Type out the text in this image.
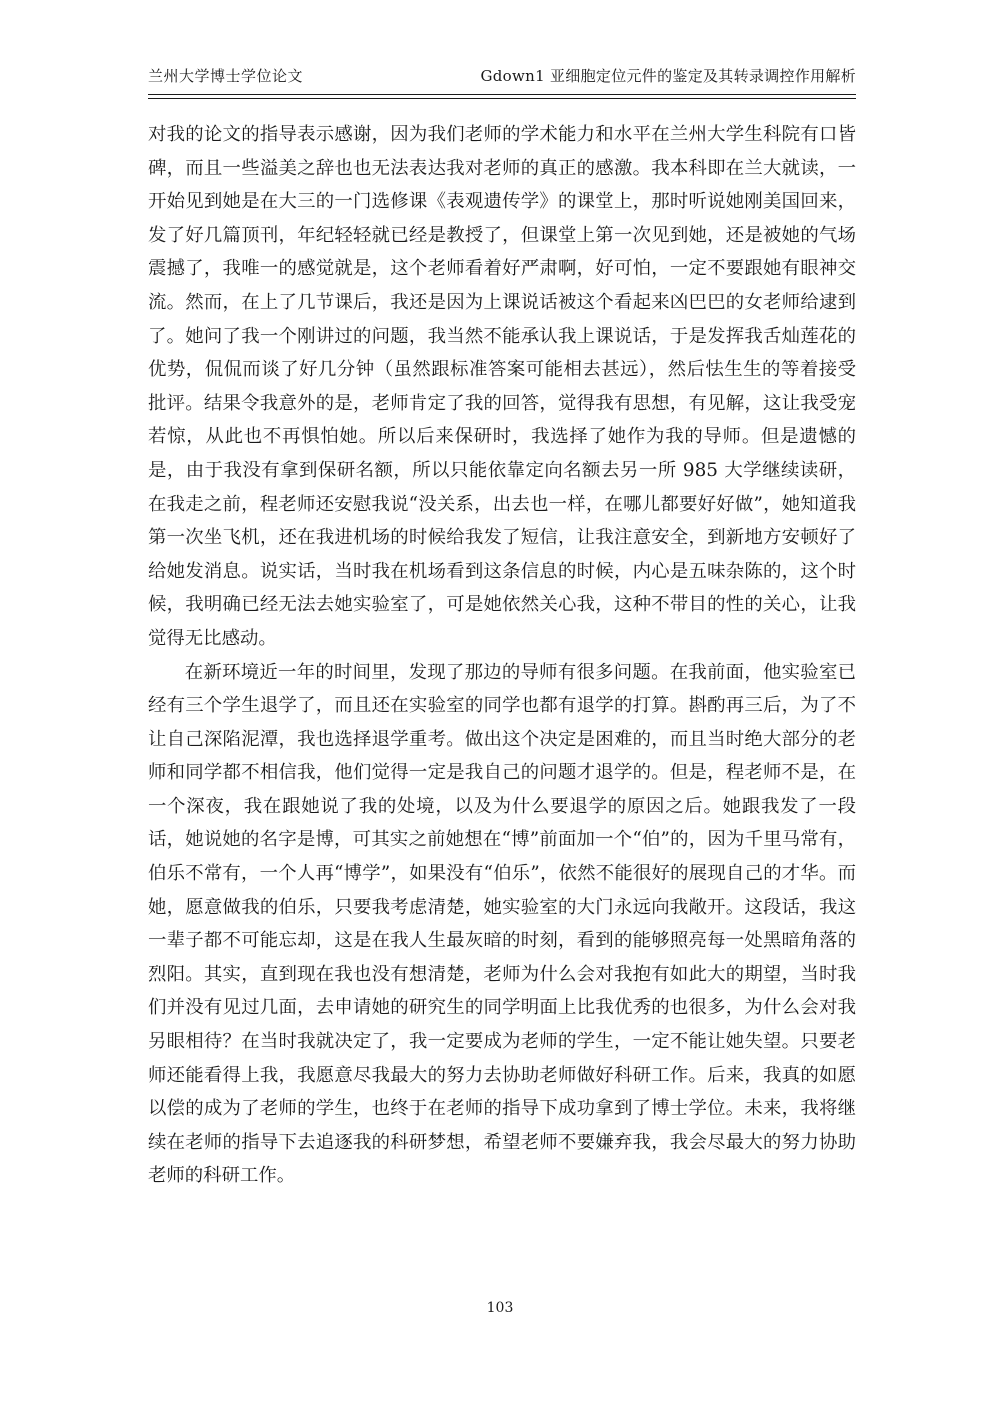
兰州大学博士学位论文	Gdown1 亚细胞定位元件的鉴定及其转录调控作用解析

对我的论文的指导表示感谢，因为我们老师的学术能力和水平在兰州大学生科院有口皆碑，而且一些溢美之辞也也无法表达我对老师的真正的感激。我本科即在兰大就读，一开始见到她是在大三的一门选修课《表观遗传学》的课堂上，那时听说她刚美国回来，发了好几篇顶刊，年纪轻轻就已经是教授了，但课堂上第一次见到她，还是被她的气场震撼了，我唯一的感觉就是，这个老师看着好严肃啊，好可怕，一定不要跟她有眼神交流。然而，在上了几节课后，我还是因为上课说话被这个看起来凶巴巴的女老师给逮到了。她问了我一个刚讲过的问题，我当然不能承认我上课说话，于是发挥我舌灿莲花的优势，侃侃而谈了好几分钟（虽然跟标准答案可能相去甚远），然后怯生生的等着接受批评。结果令我意外的是，老师肯定了我的回答，觉得我有思想，有见解，这让我受宠若惊，从此也不再惧怕她。所以后来保研时，我选择了她作为我的导师。但是遗憾的是，由于我没有拿到保研名额，所以只能依靠定向名额去另一所 985 大学继续读研，在我走之前，程老师还安慰我说“没关系，出去也一样，在哪儿都要好好做”，她知道我第一次坐飞机，还在我进机场的时候给我发了短信，让我注意安全，到新地方安顿好了给她发消息。说实话，当时我在机场看到这条信息的时候，内心是五味杂陈的，这个时候，我明确已经无法去她实验室了，可是她依然关心我，这种不带目的性的关心，让我觉得无比感动。

在新环境近一年的时间里，发现了那边的导师有很多问题。在我前面，他实验室已经有三个学生退学了，而且还在实验室的同学也都有退学的打算。斟酌再三后，为了不让自己深陷泥潭，我也选择退学重考。做出这个决定是困难的，而且当时绝大部分的老师和同学都不相信我，他们觉得一定是我自己的问题才退学的。但是，程老师不是，在一个深夜，我在跟她说了我的处境，以及为什么要退学的原因之后。她跟我发了一段话，她说她的名字是博，可其实之前她想在“博”前面加一个“伯”的，因为千里马常有，伯乐不常有，一个人再“博学”，如果没有“伯乐”，依然不能很好的展现自己的才华。而她，愿意做我的伯乐，只要我考虑清楚，她实验室的大门永远向我敞开。这段话，我这一辈子都不可能忘却，这是在我人生最灰暗的时刻，看到的能够照亮每一处黑暗角落的烈阳。其实，直到现在我也没有想清楚，老师为什么会对我抱有如此大的期望，当时我们并没有见过几面，去申请她的研究生的同学明面上比我优秀的也很多，为什么会对我另眼相待？在当时我就决定了，我一定要成为老师的学生，一定不能让她失望。只要老师还能看得上我，我愿意尽我最大的努力去协助老师做好科研工作。后来，我真的如愿以偿的成为了老师的学生，也终于在老师的指导下成功拿到了博士学位。未来，我将继续在老师的指导下去追逐我的科研梦想，希望老师不要嫌弃我，我会尽最大的努力协助老师的科研工作。

103
